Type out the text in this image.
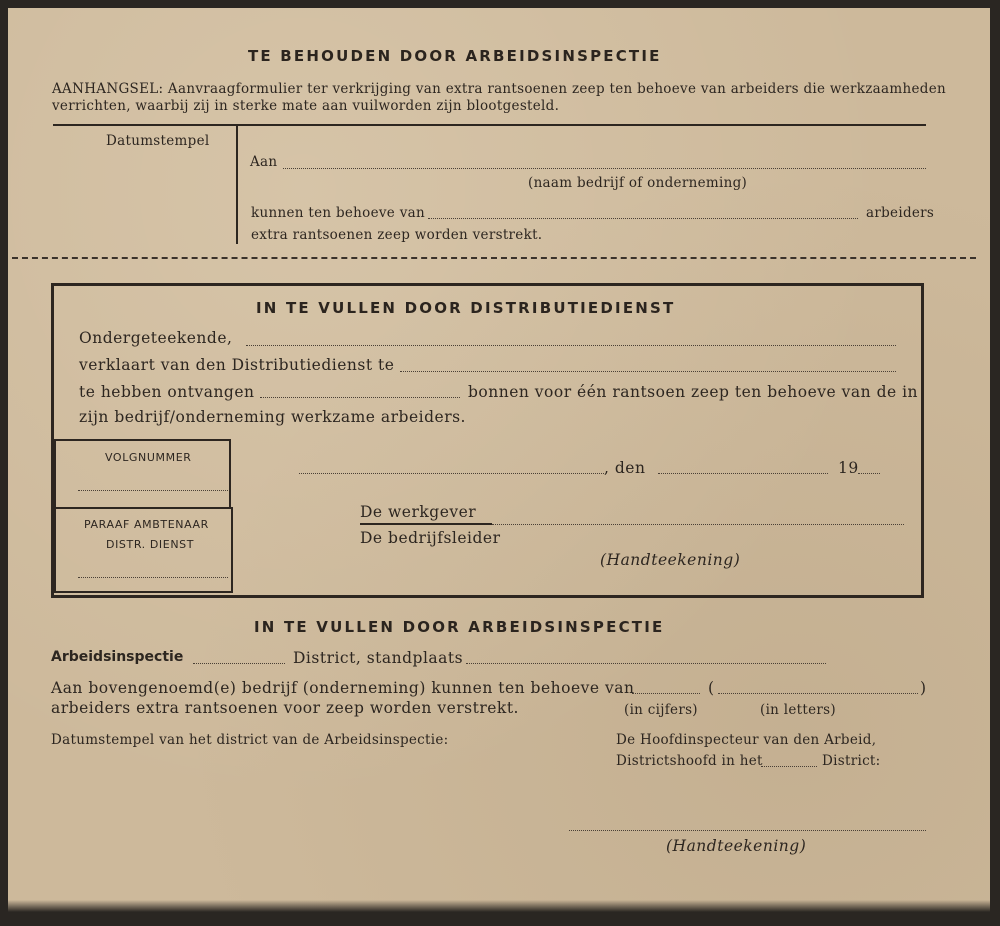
TE BEHOUDEN DOOR ARBEIDSINSPECTIE
AANHANGSEL: Aanvraagformulier ter verkrijging van extra rantsoenen zeep ten behoeve van arbeiders die werkzaamheden
verrichten, waarbij zij in sterke mate aan vuilworden zijn blootgesteld.
Datumstempel
Aan
(naam bedrijf of onderneming)
kunnen ten behoeve van	arbeiders
extra rantsoenen zeep worden verstrekt.
IN TE VULLEN DOOR DISTRIBUTIEDIENST
Ondergeteekende,
verklaart van den Distributiedienst te
te hebben ontvangen	bonnen voor één rantsoen zeep ten behoeve van de in
zijn bedrijf/onderneming werkzame arbeiders.
VOLGNUMMER
PARAAF AMBTENAAR
DISTR. DIENST
, den	19
De werkgever
De bedrijfsleider
(Handteekening)
IN TE VULLEN DOOR ARBEIDSINSPECTIE
Arbeidsinspectie	District, standplaats
Aan bovengenoemd(e) bedrijf (onderneming) kunnen ten behoeve van	(	)
arbeiders extra rantsoenen voor zeep worden verstrekt.	(in cijfers)	(in letters)
Datumstempel van het district van de Arbeidsinspectie:	De Hoofdinspecteur van den Arbeid,
Districtshoofd in het	District:
(Handteekening)
